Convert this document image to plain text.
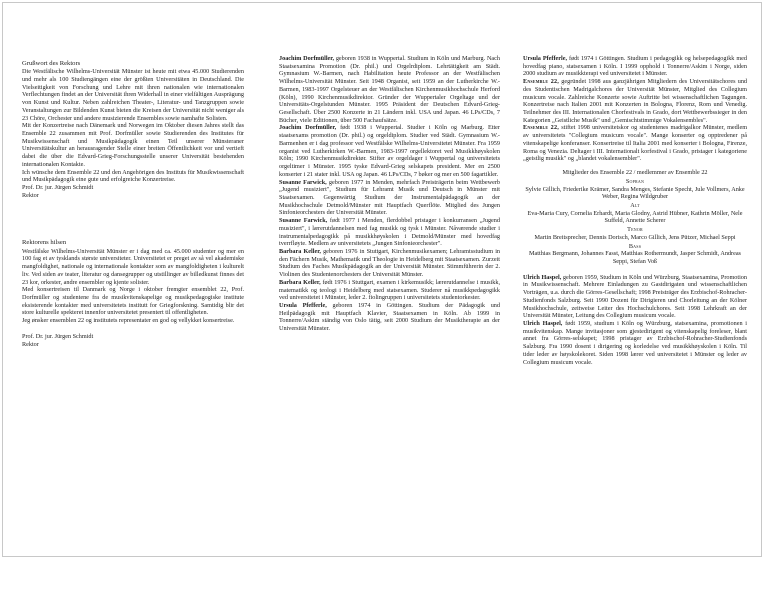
Grußwort des Rektors

Die Westfälische Wilhelms-Universität Münster ist heute mit etwa 45.000 Studierenden und mehr als 100 Studiengängen eine der größten Universitäten in Deutschland. Die Vielseitigkeit von Forschung und Lehre mit ihren nationalen wie internationalen Verflechtungen findet an der Universität ihren Widerhall in einer vielfältigen Ausprägung von Kunst und Kultur. Neben zahlreichen Theater-, Literatur- und Tanzgruppen sowie Veranstaltungen zur Bildenden Kunst bieten die Kreisen der Universität nicht weniger als 23 Chöre, Orchester und andere musizierende Ensembles sowie namhafte Solisten.

Mit der Konzertreise nach Dänemark und Norwegen im Oktober diesen Jahres stellt das Ensemble 22 zusammen mit Prof. Dorfmüller sowie Studierenden des Institutes für Musikwissenschaft und Musikpädagogik einen Teil unserer Münsteraner Universitätskultur an herausragender Stelle einer breiten Öffentlichkeit vor und vertieft dabei die über die Edvard-Grieg-Forschungsstelle unserer Universität bestehenden internationalen Kontakte.

Ich wünsche dem Ensemble 22 und den Angehörigen des Instituts für Musikwissenschaft und Musikpädagogik eine gute und erfolgreiche Konzertreise.

Prof. Dr. jur. Jürgen Schmidt

Rektor

Rektorens hilsen

Westfälske Wilhelms-Universität Münster er i dag med ca. 45.000 studenter og mer en 100 fag et av tysklands største universiteter. Universitetet er preget av så vel akademiske mangfoldighet, nationale og internationale kontakter som av mangfoldigheten i kulturelt liv. Ved siden av teater, literatur og dansegrupper og utstillinger av billedkunst finnes det 23 kor, orkester, andre ensembler og kjente solister.

Med konsertreisen til Danmark og Norge i oktober fremgter ensemblet 22, Prof. Dorfmüller og studentene fra de musikvitenskapelige og musikpedagogiske institute eksisterende kontakter med universitetets institutt for Griegforskning. Samtidig blir det store kulturelle spekteret innenfor universitetet presentert til offentligheten.

Jeg ønsker ensemblen 22 og institutets representater en god og vellykket konsertreise.

Prof. Dr. jur. Jürgen Schmidt

Rektor

Joachim Dorfmüller, geboren 1938 in Wuppertal. Studium in Köln und Marburg. Nach Staatsexamina Promotion (Dr. phil.) und Orgelrdiplom. Lehrtätigkeit am Städt. Gymnasium W.-Barmen, nach Habilitation heute Professor an der Westfälischen Wilhelms-Universität Münster. Seit 1948 Organist, seit 1959 an der Lutherkirche W.-Barmen, 1983-1997 Orgelsteuer an der Westfälischen Kirchenmusikhochschule Herford (Köln), 1990 Kirchenmusikdirektor. Gründer der Wuppertaler Orgeltage und der Universitäts-Orgelstunden Münster. 1995 Präsident der Deutschen Edvard-Grieg-Gesellschaft. Über 2500 Konzerte in 21 Ländern inkl. USA und Japan. 46 LPs/CDs, 7 Bücher, viele Editionen, über 500 Fachaufsätze.

Joachim Dorfmüller, født 1938 i Wuppertal. Studier i Köln og Marburg. Etter staatsexams promotion (Dr. phil.) og orgeldiplom. Studier ved Städt. Gymnasium W.-Barmenhen er i dag professor ved Westfälske Wilhelms-Universitetet Münster. Fra 1959 organist ved Lutherkirken W.-Barmen, 1983-1997 orgellektoret ved Musikkhøyskolen Köln; 1990 Kirchenmusikdirektør. Stifter av orgeldager i Wuppertal og universitetets orgeltimer i Münster. 1995 tyske Edvard-Grieg selskapets president. Mer en 2500 konserter i 21 stater inkl. USA og Japan. 46 LPs/CDs, 7 bøker og mer en 500 fagartikler.

Susanne Farwick, geboren 1977 in Menden, mehrfach Preisträgerin beim Wettbewerb „Jugend musiziert", Studium für Lehramt Musik und Deutsch in Münster mit Staatsexamen. Gegenwärtig Studium der Instrumentalpädagogik an der Musikhochschule Detmold/Münster mit Hauptfach Querflöte. Mitglied des Jungen Sinfonieorchesters der Universität Münster.

Susanne Farwick, født 1977 i Menden, flerdobbel pristager i konkurransen „Jugend musiziert", i lærerutdannelsen med fag musikk og tysk i Münster. Nåværende studier i instrumentalpedagogikk på musikkhøyskolen i Detmold/Münster med hovedfag tverrfløyte. Medlem av universitetets „Jungen Sinfonieorchester".

Barbara Keller, geboren 1976 in Stuttgart, Kirchenmusikexamen; Lehramtsstudium in den Fächern Musik, Mathematik und Theologie in Heidelberg mit Staatsexamen. Zurzeit Studium des Faches Musikpädagogik an der Universität Münster. Stimmführerin der 2. Violinen des Studentenorchesters der Universität Münster.

Barbara Keller, født 1976 i Stuttgart, examen i kirkemusikk; lærerutdannelse i musikk, matematikk og teologi i Heidelberg med statsexamen. Studerer nå musikkpedagogikk ved universitetet i Münster, leder 2. fiolingruppen i universitetets studentorkester.

Ursula Pfefferle, geboren 1974 in Göttingen. Studium der Pädagogik und Heilpädagogik mit Hauptfach Klavier, Staatsexamen in Köln. Ab 1999 in Tonnerre/Askim ständig von Oslo tätig, seit 2000 Studium der Musiktherapie an der Universität Münster.

Ursula Pfefferle, født 1974 i Göttingen. Studium i pedagogikk og helsepedagogikk med hovedfag piano, statsexamen i Köln. I 1999 opphold i Tonnerre/Askim i Norge, siden 2000 studium av musikkterapi ved universitetet i Münster.

Ensemble 22, gegründet 1998 aus ganzjährigen Mitgliedern des Universitätschores und des Studentischen Madrigalchores der Universität Münster, Mitglied des Collegium musicum vocale. Zahlreiche Konzerte sowie Auftritte bei wissenschaftlichen Tagungen. Konzertreise nach Italien 2001 mit Konzerten in Bologna, Florenz, Rom und Venedig. Teilnehmer des III. Internationalen Chorfestivals in Grado, dort Wettbewerbssieger in den Kategorien „Geistliche Musik" und „Gemischtstimmige Vokalensembles".

Ensemble 22, stiftet 1998 universitetskor og studentenes madrigalkor Münster, medlem av universitetets "Collegium musicum vocale". Mange konserter og opptredener på vitenskapelige konferanser. Konsertreise til Italia 2001 med konserter i Bologna, Firenze, Roma og Venezia. Deltager i III. Internationalt korfestival i Grado, pristager i kategoriene „geistlig musikk" og „blandet vokalensembler".

Mitglieder des Ensemble 22 / medlemmer av Ensemble 22

Sopran

Sylvie Gillich, Friederike Krämer, Sandra Menges, Stefanie Specht, Jule Vollmers, Anke Weber, Regina Wildgruber

Alt

Eva-Maria Cury, Cornelia Erhardt, Maria Glodny, Astrid Hübner, Kathrin Möller, Nele Suffeld, Annette Scherer

Tenor

Martin Breitsprecher, Dennis Dorisch, Marco Gillich, Jens Pützer, Michael Seppi

Bass

Matthias Bergmann, Johannes Fasst, Matthias Rothermundt, Jasper Schmidt, Andreas Seppi, Stefan Voß

Ulrich Haspel, geboren 1959, Studium in Köln und Würzburg, Staatsexamina, Promotion in Musikwissenschaft. Mehrere Einladungen zu Gastdirigaten und wissenschaftlichen Vorträgen, u.a. durch die Görres-Gesellschaft; 1998 Preisträger des Erzbischof-Rohracher-Studienfonds Salzburg. Seit 1990 Dozent für Dirigieren und Chorleitung an der Kölner Musikhochschule, zeitweise Leiter des Hochschulchores. Seit 1998 Lehrkraft an der Universität Münster, Leitung des Collegium musicum vocale.

Ulrich Haspel, født 1959, studium i Köln og Würzburg, statsexamina, promotionen i musikvitenskap. Mange invitasjoner som gjestedirigent og vitenskapelig foreleser, blant annet fra Görres-selskapet; 1998 pristager av Erzbischof-Rohracher-Studienfonds Salzburg. Fra 1990 dosent i dirigering og korledelse ved musikkhøyskolen i Köln. Til tider leder av høyskolekoret. Siden 1998 lærer ved universitetet i Münster og leder av Collegium musicum vocale.
